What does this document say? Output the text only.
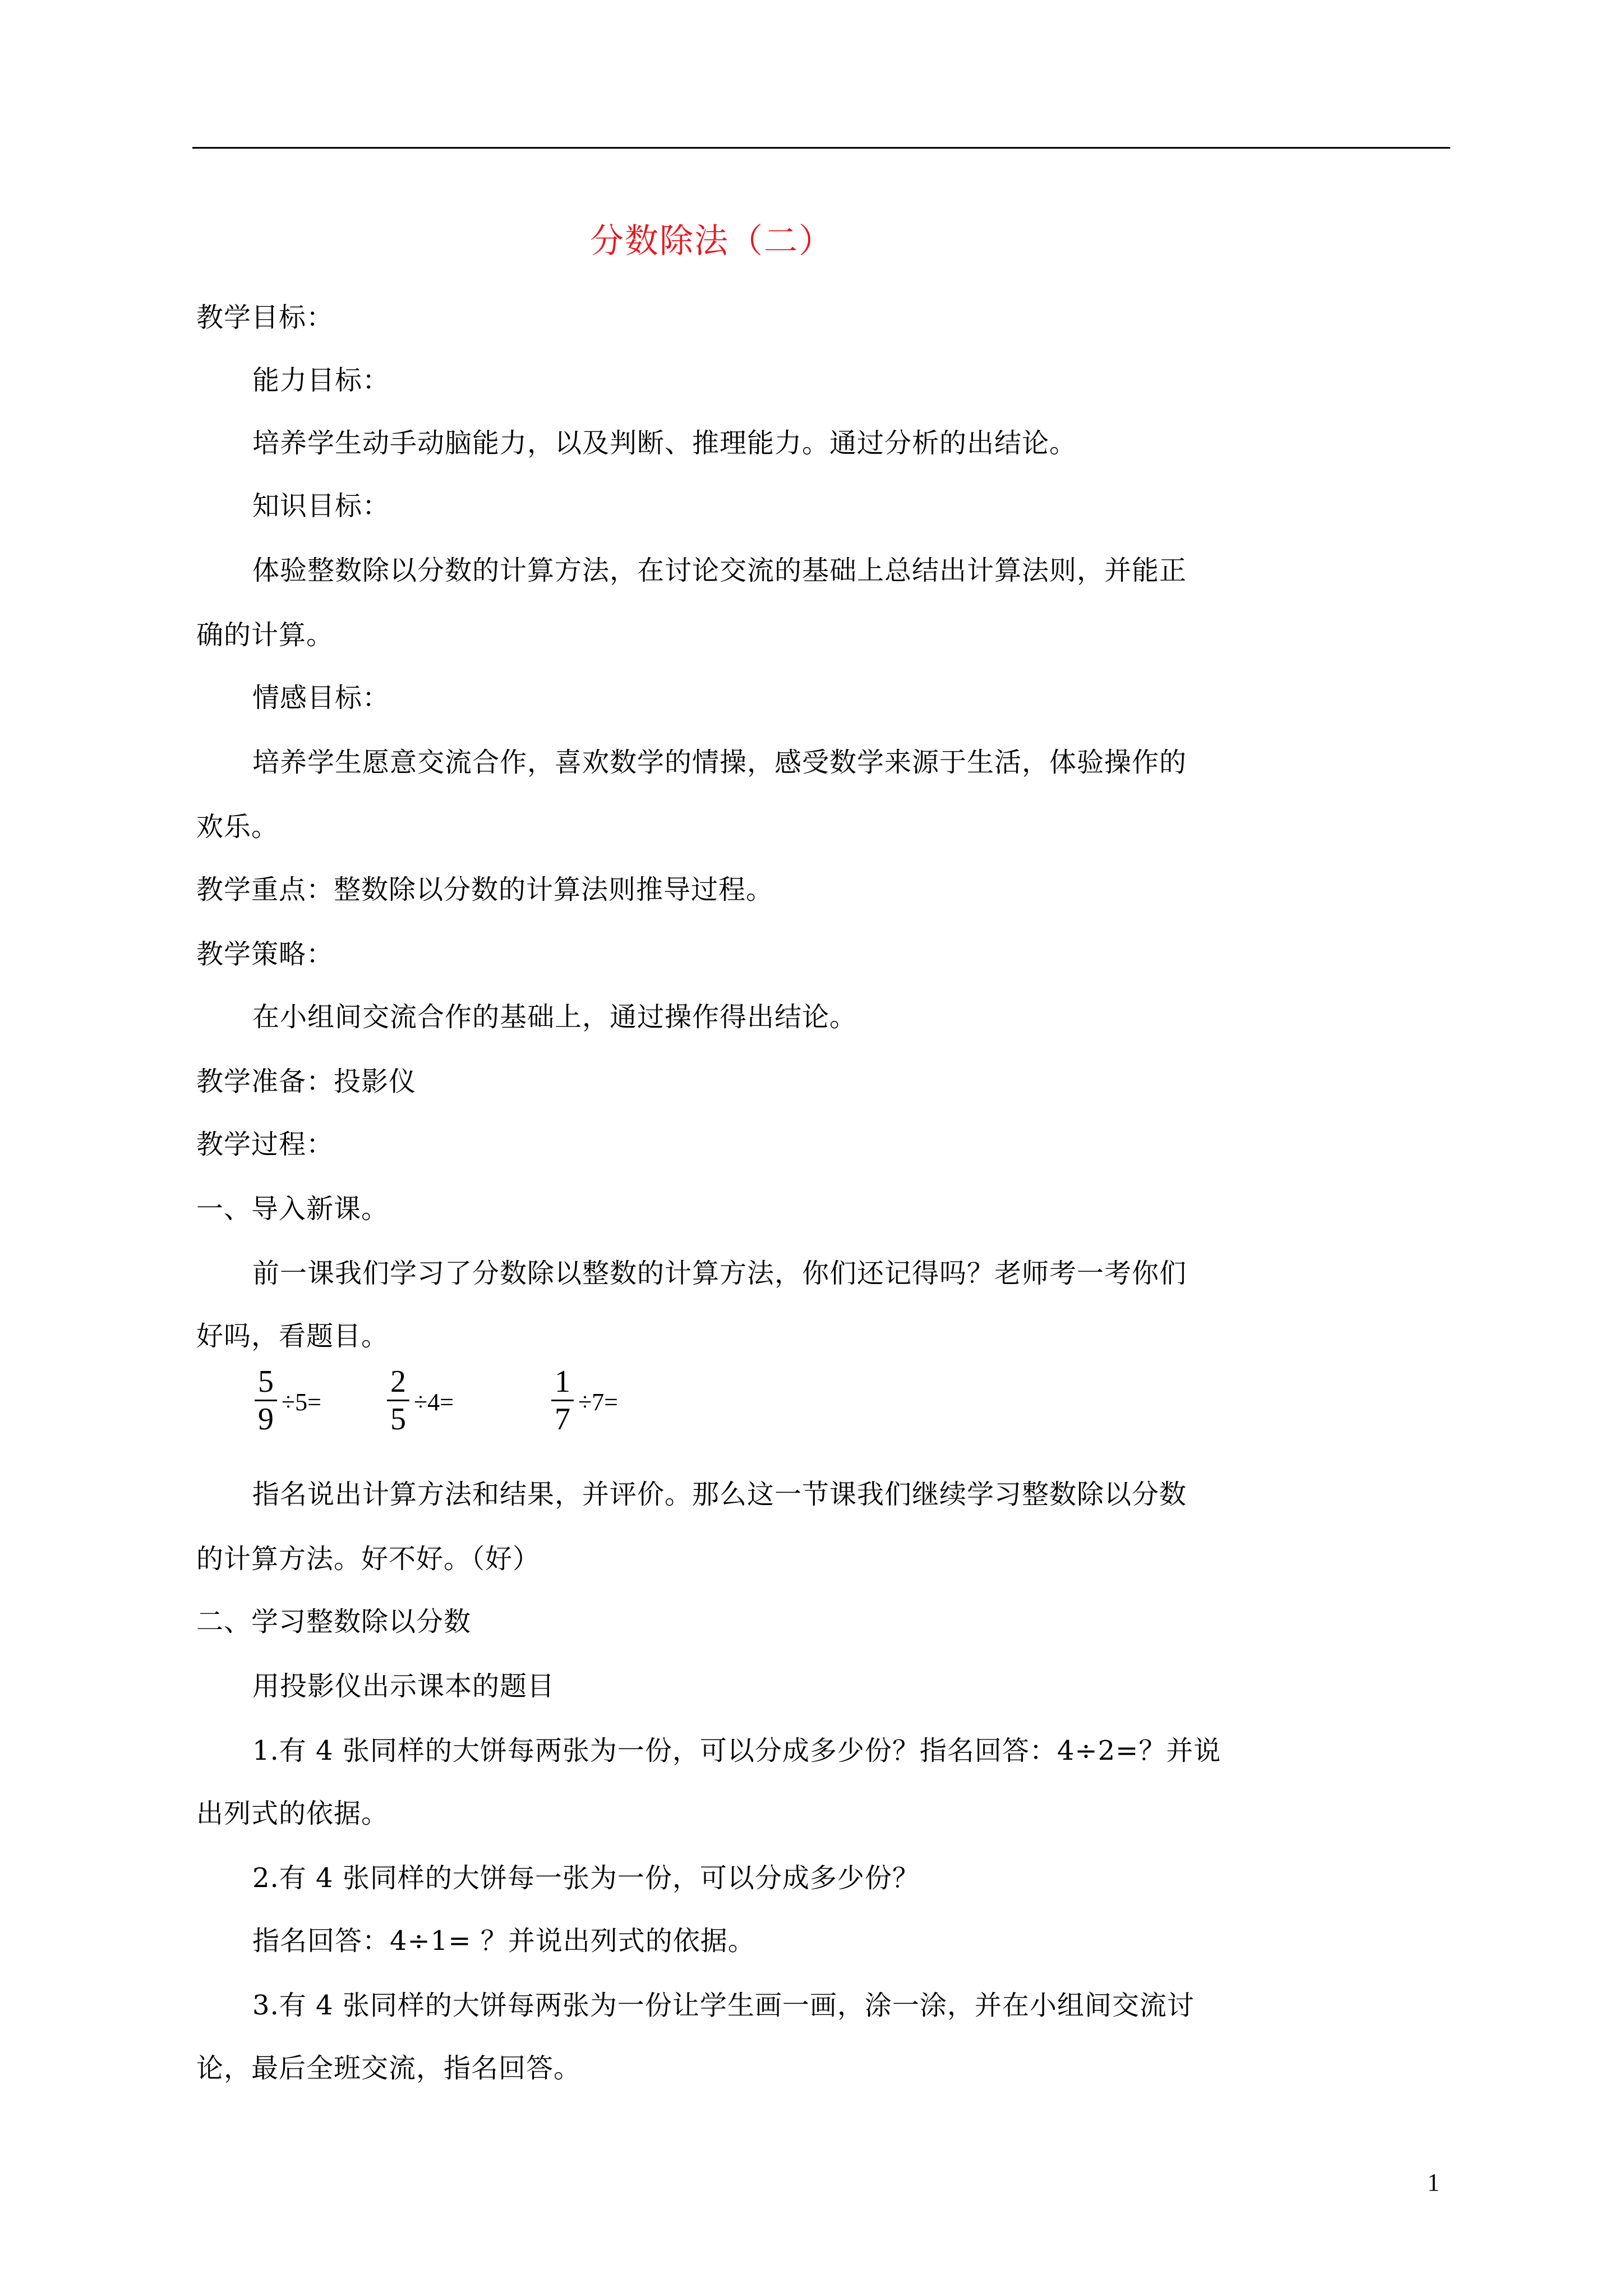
分数除法（二）
教学目标：
能力目标：
培养学生动手动脑能力，以及判断、推理能力。通过分析的出结论。
知识目标：
体验整数除以分数的计算方法，在讨论交流的基础上总结出计算法则，并能正
确的计算。
情感目标：
培养学生愿意交流合作，喜欢数学的情操，感受数学来源于生活，体验操作的
欢乐。
教学重点：整数除以分数的计算法则推导过程。
教学策略：
在小组间交流合作的基础上，通过操作得出结论。
教学准备：投影仪
教学过程：
一、导入新课。
前一课我们学习了分数除以整数的计算方法，你们还记得吗？老师考一考你们
好吗，看题目。
5
9 ÷5=
2
5 ÷4=
1
7 ÷7=
指名说出计算方法和结果，并评价。那么这一节课我们继续学习整数除以分数
的计算方法。好不好。（好）
二、学习整数除以分数
用投影仪出示课本的题目
1.有 4 张同样的大饼每两张为一份，可以分成多少份？指名回答：4÷2=？并说
出列式的依据。
2.有 4 张同样的大饼每一张为一份，可以分成多少份？
指名回答：4÷1= ？并说出列式的依据。
3.有 4 张同样的大饼每两张为一份让学生画一画，涂一涂，并在小组间交流讨
论，最后全班交流，指名回答。
1
